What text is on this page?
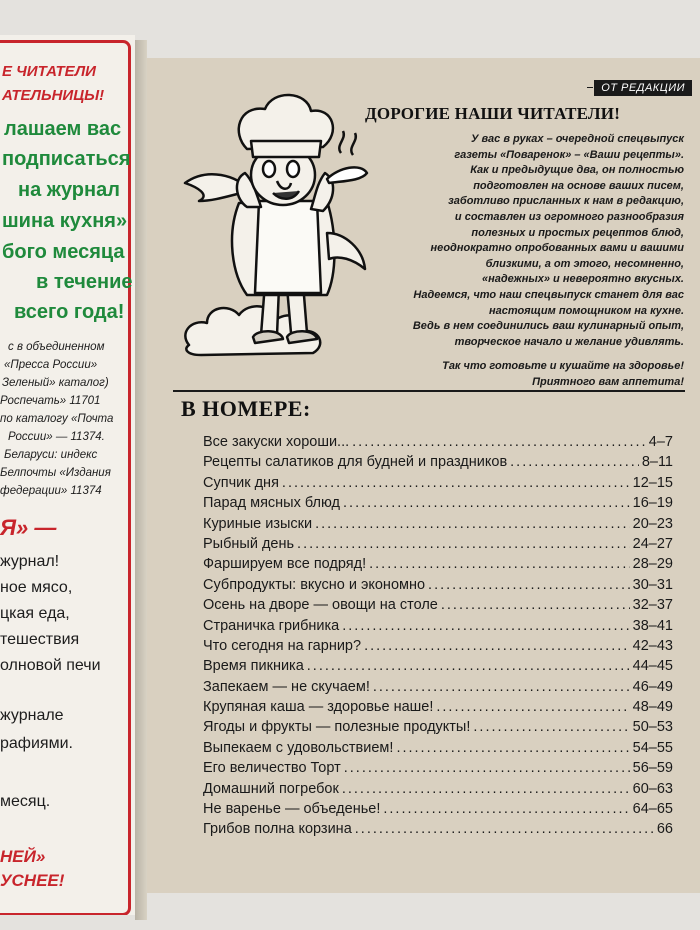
Е ЧИТАТЕЛИ
АТЕЛЬНИЦЫ!
лашаем вас
подписаться
на журнал
шина кухня»
бого месяца
в течение
всего года!
с в объединенном
«Пресса России»
Зеленый» каталог)
Роспечать» 11701
по каталогу «Почта
России» — 11374.
Беларуси: индекс
Белпочты «Издания
федерации» 11374
Я» —
журнал!
ное мясо,
цкая еда,
тешествия
олновой печи
журнале
рафиями.
месяц.
НЕЙ»
УСНЕЕ!
ОТ РЕДАКЦИИ
ДОРОГИЕ НАШИ ЧИТАТЕЛИ!

У вас в руках – очередной спецвыпуск

газеты «Поваренок» – «Ваши рецепты».

Как и предыдущие два, он полностью

подготовлен на основе ваших писем,

заботливо присланных к нам в редакцию,

и составлен из огромного разнообразия

полезных и простых рецептов блюд,

неоднократно опробованных вами и вашими

близкими, а от этого, несомненно,

«надежных» и невероятно вкусных.

Надеемся, что наш спецвыпуск станет для вас

настоящим помощником на кухне.

Ведь в нем соединились ваш кулинарный опыт,

творческое начало и желание удивлять.

Так что готовьте и кушайте на здоровье!
Приятного вам аппетита!
В НОМЕРЕ:
Все закуски хороши... .....	4–7
Рецепты салатиков для будней и праздников .....	8–11
Супчик дня .....	12–15
Парад мясных блюд .....	16–19
Куриные изыски .....	20–23
Рыбный день .....	24–27
Фаршируем все подряд! .....	28–29
Субпродукты: вкусно и экономно .....	30–31
Осень на дворе — овощи на столе .....	32–37
Страничка грибника .....	38–41
Что сегодня на гарнир? .....	42–43
Время пикника .....	44–45
Запекаем — не скучаем! .....	46–49
Крупяная каша — здоровье наше! .....	48–49
Ягоды и фрукты — полезные продукты! .....	50–53
Выпекаем с удовольствием! .....	54–55
Его величество Торт .....	56–59
Домашний погребок .....	60–63
Не варенье — объеденье! .....	64–65
Грибов полна корзина .....	66
